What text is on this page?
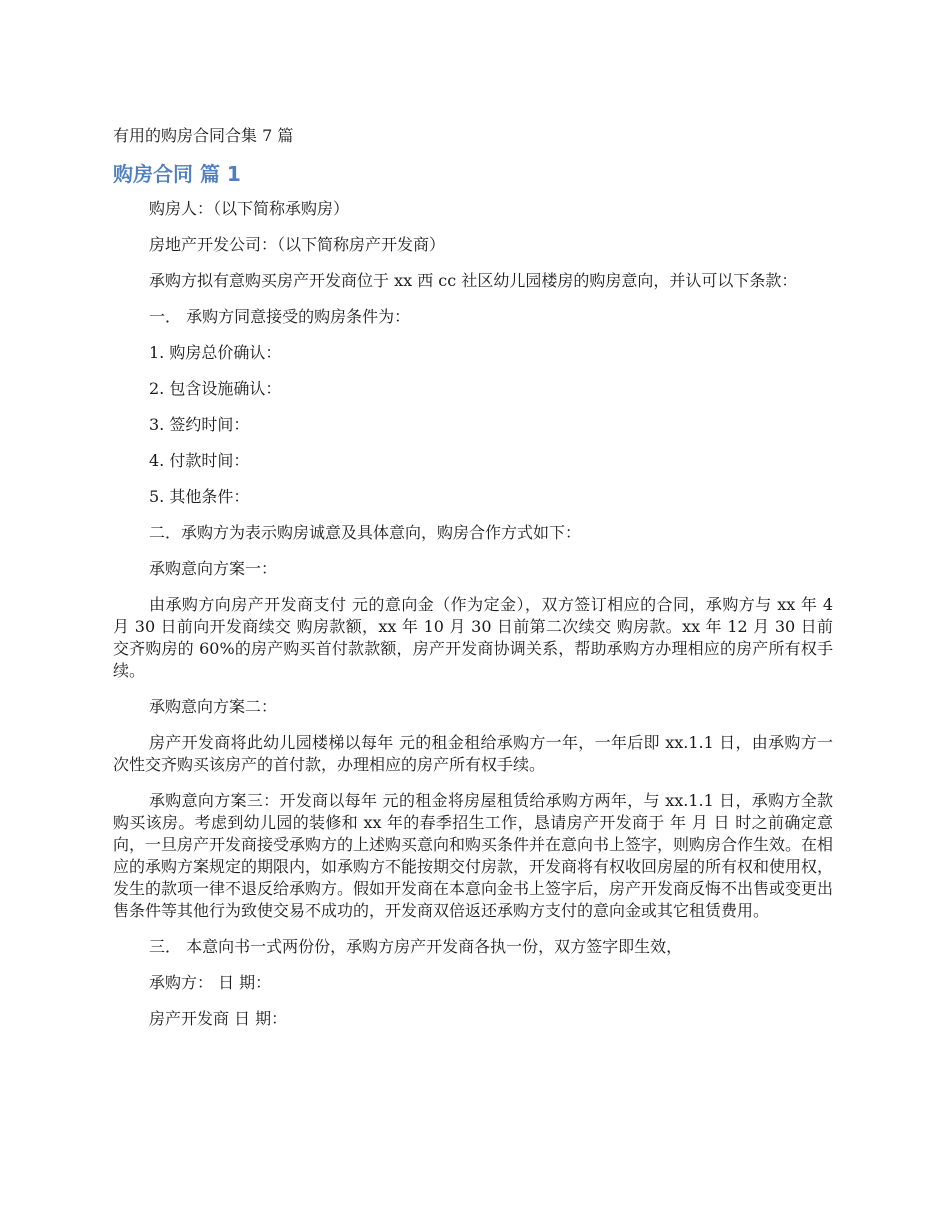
有用的购房合同合集 7 篇
购房合同 篇 1

购房人：（以下简称承购房）

房地产开发公司：（以下简称房产开发商）

承购方拟有意购买房产开发商位于 xx 西 cc 社区幼儿园楼房的购房意向，并认可以下条款：

一． 承购方同意接受的购房条件为：

1. 购房总价确认：

2. 包含设施确认：

3. 签约时间：

4. 付款时间：

5. 其他条件：

二．承购方为表示购房诚意及具体意向，购房合作方式如下：

承购意向方案一：

由承购方向房产开发商支付 元的意向金（作为定金），双方签订相应的合同，承购方与 xx 年 4 月 30 日前向开发商续交 购房款额，xx 年 10 月 30 日前第二次续交 购房款。xx 年 12 月 30 日前交齐购房的 60%的房产购买首付款款额，房产开发商协调关系，帮助承购方办理相应的房产所有权手续。

承购意向方案二：

房产开发商将此幼儿园楼梯以每年 元的租金租给承购方一年，一年后即 xx.1.1 日，由承购方一次性交齐购买该房产的首付款，办理相应的房产所有权手续。

承购意向方案三：开发商以每年 元的租金将房屋租赁给承购方两年，与 xx.1.1 日，承购方全款购买该房。考虑到幼儿园的装修和 xx 年的春季招生工作，恳请房产开发商于 年 月 日 时之前确定意向，一旦房产开发商接受承购方的上述购买意向和购买条件并在意向书上签字，则购房合作生效。在相应的承购方案规定的期限内，如承购方不能按期交付房款，开发商将有权收回房屋的所有权和使用权，发生的款项一律不退反给承购方。假如开发商在本意向金书上签字后，房产开发商反悔不出售或变更出售条件等其他行为致使交易不成功的，开发商双倍返还承购方支付的意向金或其它租赁费用。

三． 本意向书一式两份份，承购方房产开发商各执一份，双方签字即生效，

承购方： 日 期：

房产开发商 日 期：
